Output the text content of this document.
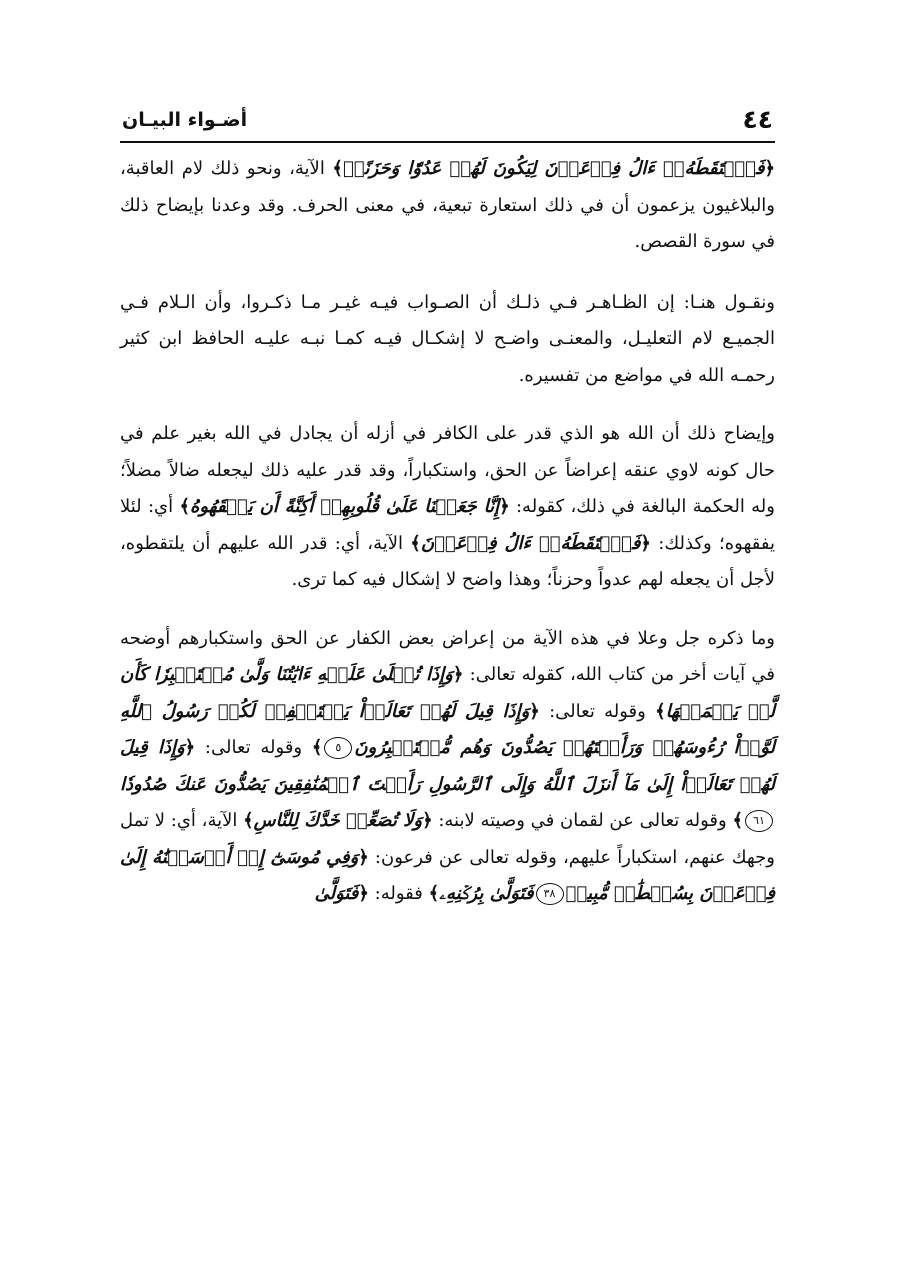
٤٤
أضـواء البيـان

﴿فَٱلۡتَقَطَهُۥٓ ءَالُ فِرۡعَوۡنَ لِيَكُونَ لَهُمۡ عَدُوّٗا وَحَزَنًاۗ﴾ الآية، ونحو ذلك لام العاقبة، والبلاغيون يزعمون أن في ذلك استعارة تبعية، في معنى الحرف. وقد وعدنا بإيضاح ذلك في سورة القصص.

ونقـول هنـا: إن الظـاهـر فـي ذلـك أن الصـواب فيـه غيـر مـا ذكـروا، وأن الـلام فـي الجميـع لام التعليـل، والمعنـى واضـح لا إشكـال فيـه كمـا نبـه عليـه الحافظ ابن كثير رحمـه الله في مواضع من تفسيره.

وإيضاح ذلك أن الله هو الذي قدر على الكافر في أزله أن يجادل في الله بغير علم في حال كونه لاوي عنقه إعراضاً عن الحق، واستكباراً، وقد قدر عليه ذلك ليجعله ضالاً مضلاً؛ وله الحكمة البالغة في ذلك، كقوله: ﴿إِنَّا جَعَلۡنَا عَلَىٰ قُلُوبِهِمۡ أَكِنَّةً أَن يَفۡقَهُوهُ﴾ أي: لئلا يفقهوه؛ وكذلك: ﴿فَٱلۡتَقَطَهُۥٓ ءَالُ فِرۡعَوۡنَ﴾ الآية، أي: قدر الله عليهم أن يلتقطوه، لأجل أن يجعله لهم عدواً وحزناً؛ وهذا واضح لا إشكال فيه كما ترى.

وما ذكره جل وعلا في هذه الآية من إعراض بعض الكفار عن الحق واستكبارهم أوضحه في آيات أخر من كتاب الله، كقوله تعالى: ﴿وَإِذَا تُتۡلَىٰ عَلَيۡهِ ءَايَٰتُنَا وَلَّىٰ مُسۡتَكۡبِرٗا كَأَن لَّمۡ يَسۡمَعۡهَا﴾ وقوله تعالى: ﴿وَإِذَا قِيلَ لَهُمۡ تَعَالَوۡاْ يَسۡتَغۡفِرۡ لَكُمۡ رَسُولُ ٱللَّهِ لَوَّوۡاْ رُءُوسَهُمۡ وَرَأَيۡتَهُمۡ يَصُدُّونَ وَهُم مُّسۡتَكۡبِرُونَ٥﴾ وقوله تعالى: ﴿وَإِذَا قِيلَ لَهُمۡ تَعَالَوۡاْ إِلَىٰ مَآ أَنزَلَ ٱللَّهُ وَإِلَى ٱلرَّسُولِ رَأَيۡتَ ٱلۡمُنَٰفِقِينَ يَصُدُّونَ عَنكَ صُدُودٗا٦١﴾ وقوله تعالى عن لقمان في وصيته لابنه: ﴿وَلَا تُصَعِّرۡ خَدَّكَ لِلنَّاسِ﴾ الآية، أي: لا تمل وجهك عنهم، استكباراً عليهم، وقوله تعالى عن فرعون: ﴿وَفِي مُوسَىٰٓ إِذۡ أَرۡسَلۡنَٰهُ إِلَىٰ فِرۡعَوۡنَ بِسُلۡطَٰنٖ مُّبِينٖ٣٨فَتَوَلَّىٰ بِرُكۡنِهِۦ﴾ فقوله: ﴿فَتَوَلَّىٰ
